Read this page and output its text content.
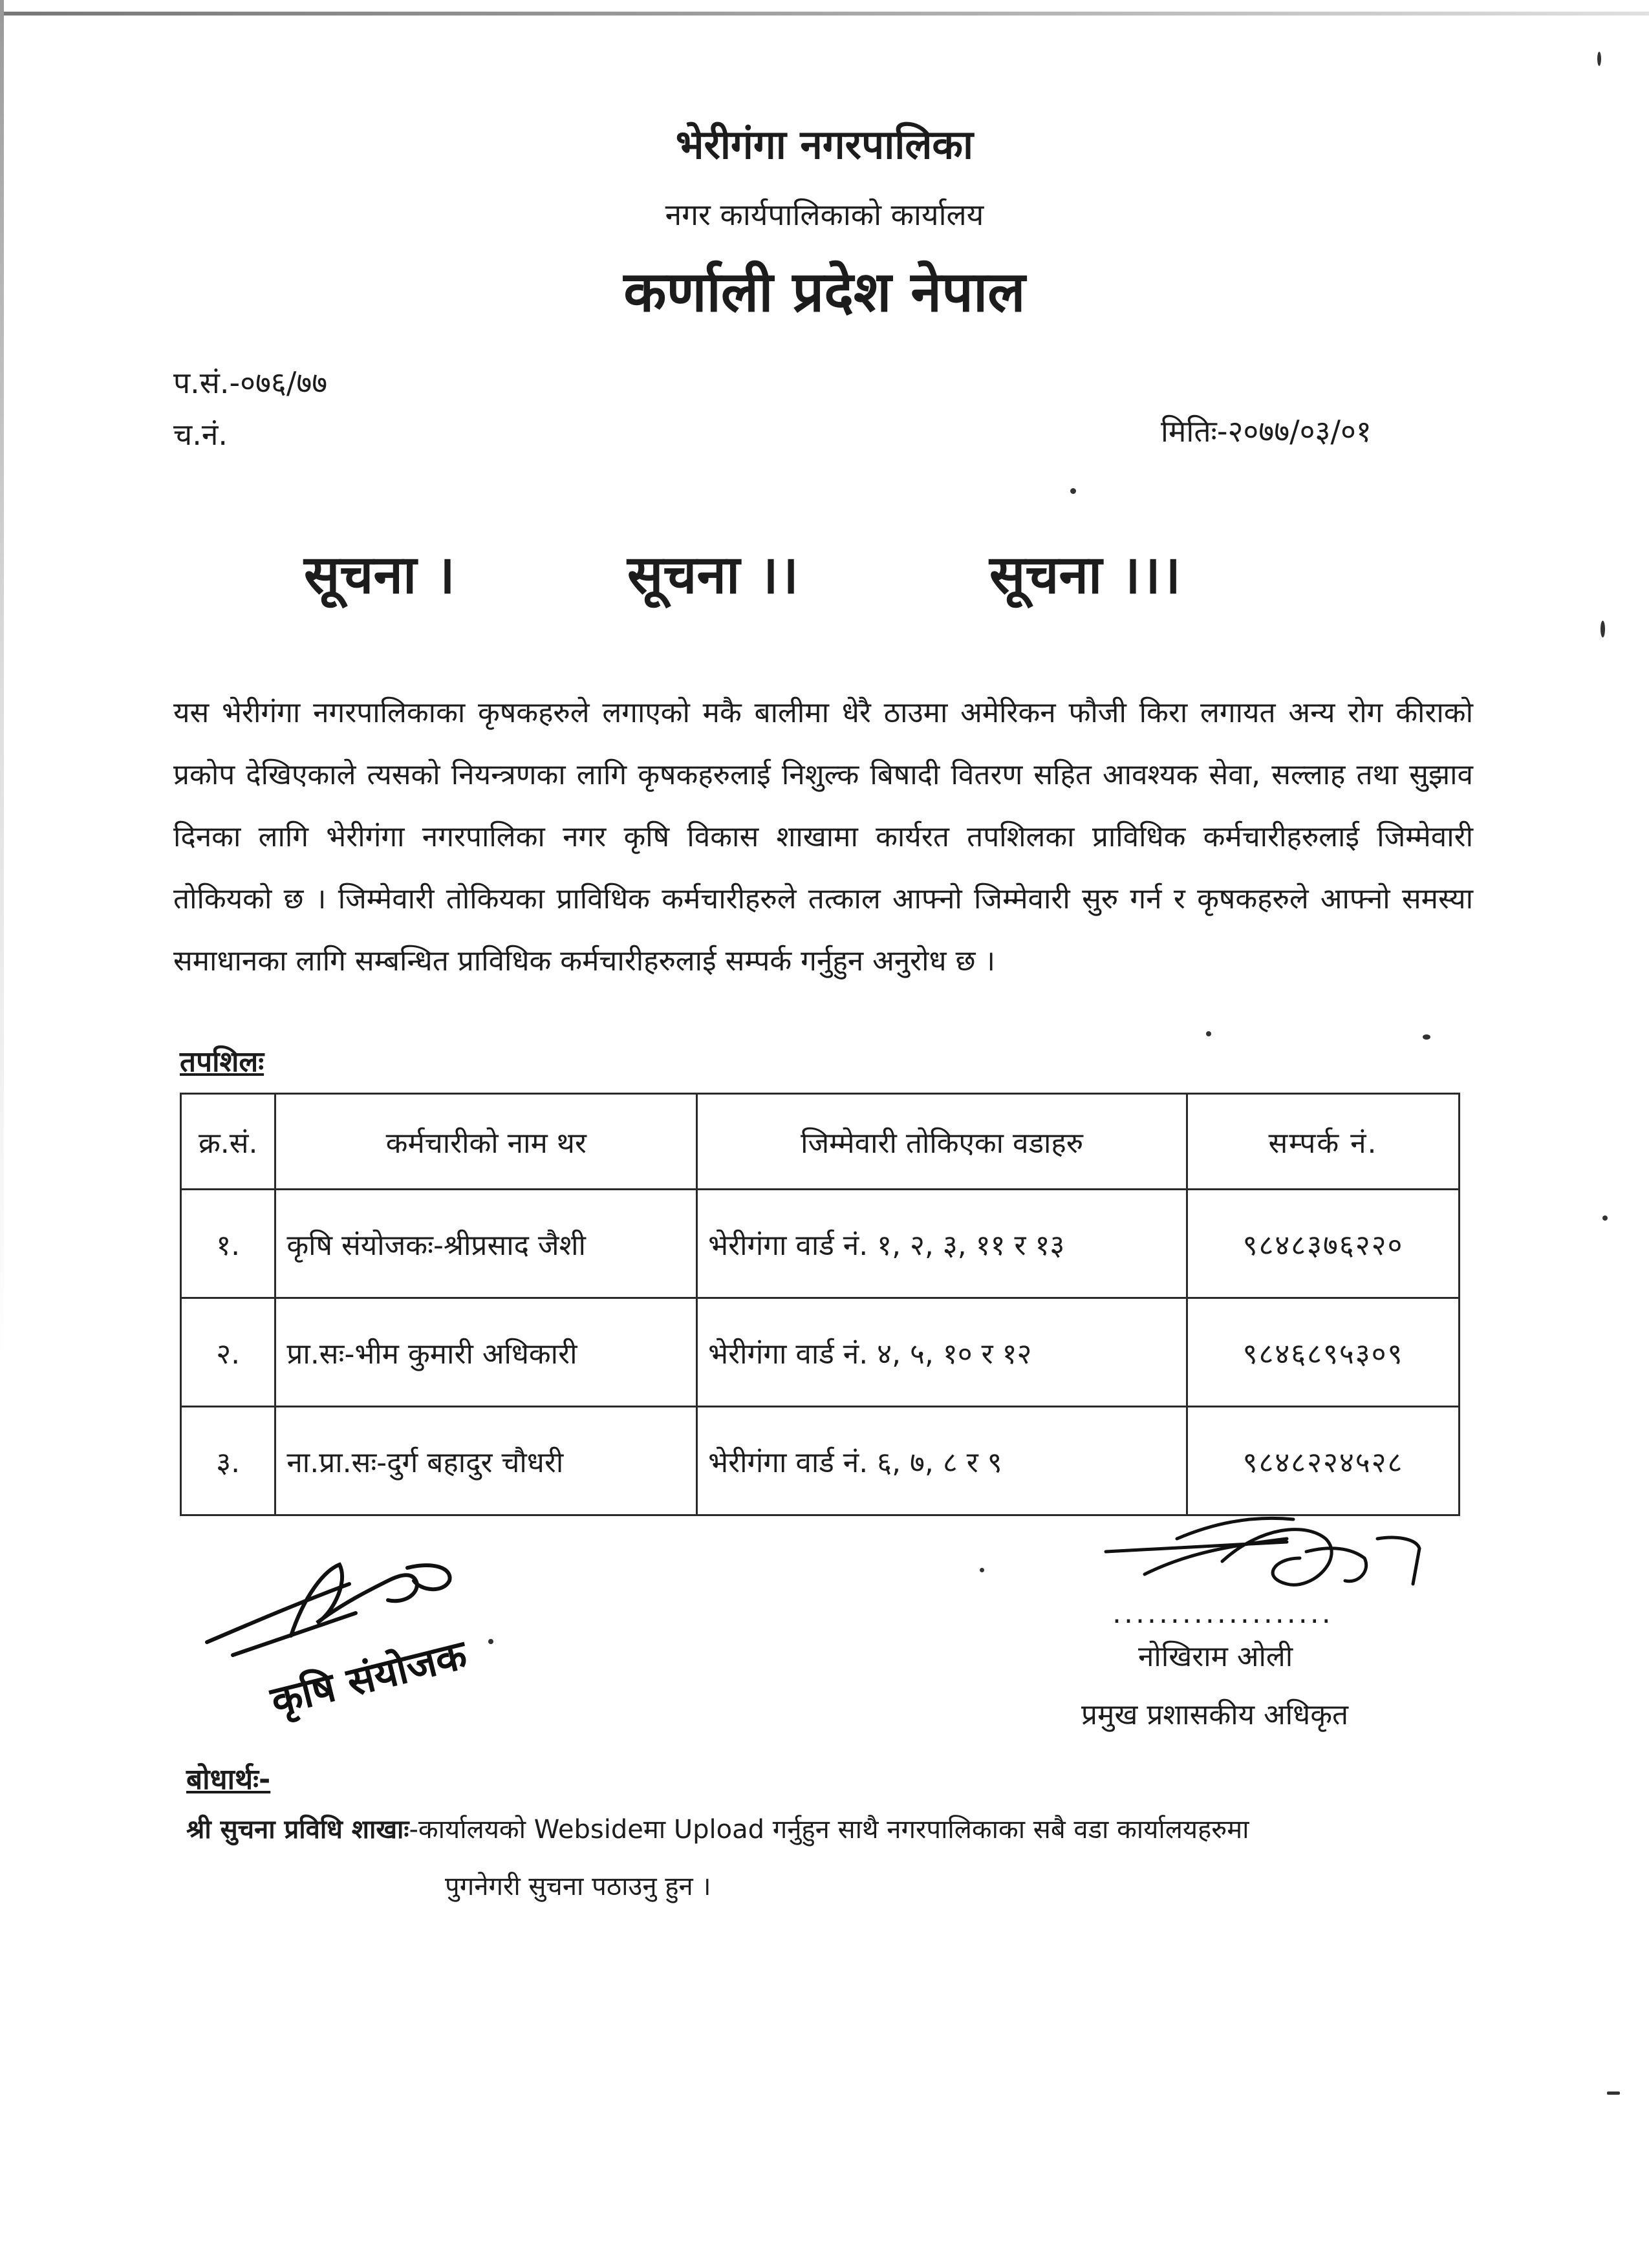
भेरीगंगा नगरपालिका
नगर कार्यपालिकाको कार्यालय
कर्णाली प्रदेश नेपाल
प.सं.-०७६/७७
च.नं.	मितिः-२०७७/०३/०१
सूचना ।	सूचना ।।	सूचना ।।।
यस भेरीगंगा नगरपालिकाका कृषकहरुले लगाएको मकै बालीमा धेरै ठाउमा अमेरिकन फौजी किरा लगायत अन्य रोग कीराको प्रकोप देखिएकाले त्यसको नियन्त्रणका लागि कृषकहरुलाई निशुल्क बिषादी वितरण सहित आवश्यक सेवा, सल्लाह तथा सुझाव दिनका लागि भेरीगंगा नगरपालिका नगर कृषि विकास शाखामा कार्यरत तपशिलका प्राविधिक कर्मचारीहरुलाई जिम्मेवारी तोकियको छ । जिम्मेवारी तोकियका प्राविधिक कर्मचारीहरुले तत्काल आफ्नो जिम्मेवारी सुरु गर्न र कृषकहरुले आफ्नो समस्या समाधानका लागि सम्बन्धित प्राविधिक कर्मचारीहरुलाई सम्पर्क गर्नुहुन अनुरोध छ ।
तपशिलः
क्र.सं.	कर्मचारीको नाम थर	जिम्मेवारी तोकिएका वडाहरु	सम्पर्क नं.
१.	कृषि संयोजकः-श्रीप्रसाद जैशी	भेरीगंगा वार्ड नं. १, २, ३, ११ र १३	९८४८३७६२२०
२.	प्रा.सः-भीम कुमारी अधिकारी	भेरीगंगा वार्ड नं. ४, ५, १० र १२	९८४६८९५३०९
३.	ना.प्रा.सः-दुर्ग बहादुर चौधरी	भेरीगंगा वार्ड नं. ६, ७, ८ र ९	९८४८२२४५२८
कृषि संयोजक
...................
नोखिराम ओली
प्रमुख प्रशासकीय अधिकृत
बोधार्थः-
श्री सुचना प्रविधि शाखाः-कार्यालयको Websideमा Upload गर्नुहुन साथै नगरपालिकाका सबै वडा कार्यालयहरुमा
पुगनेगरी सुचना पठाउनु हुन ।
